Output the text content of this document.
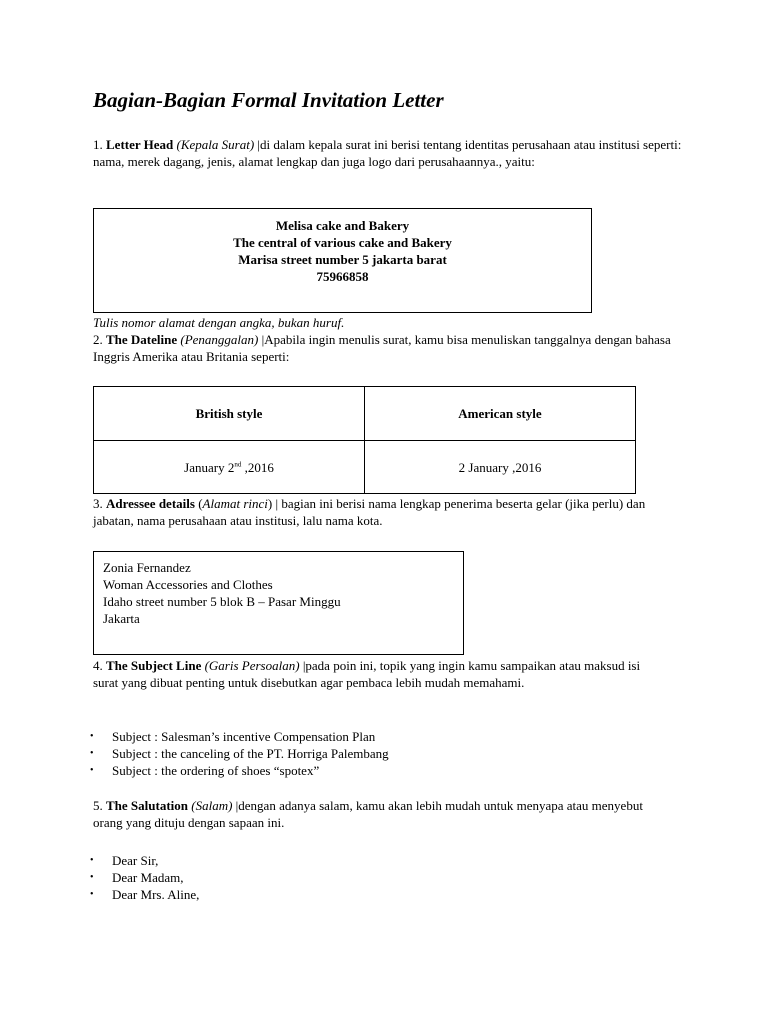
Bagian-Bagian Formal Invitation Letter

1. Letter Head (Kepala Surat) |di dalam kepala surat ini berisi tentang identitas perusahaan atau institusi seperti: nama, merek dagang, jenis, alamat lengkap dan juga logo dari perusahaannya., yaitu:

Melisa cake and Bakery
The central of various cake and Bakery
Marisa street number 5 jakarta barat
75966858

Tulis nomor alamat dengan angka, bukan huruf.

2. The Dateline (Penanggalan) |Apabila ingin menulis surat, kamu bisa menuliskan tanggalnya dengan bahasa Inggris Amerika atau Britania seperti:

British style	American style
January 2nd ,2016	2 January ,2016

3. Adressee details (Alamat rinci) | bagian ini berisi nama lengkap penerima beserta gelar (jika perlu) dan jabatan, nama perusahaan atau institusi, lalu nama kota.

Zonia Fernandez
Woman Accessories and Clothes
Idaho street number 5 blok B – Pasar Minggu
Jakarta

4. The Subject Line (Garis Persoalan) |pada poin ini, topik yang ingin kamu sampaikan atau maksud isi surat yang dibuat penting untuk disebutkan agar pembaca lebih mudah memahami.

•	Subject : Salesman’s incentive Compensation Plan
•	Subject : the canceling of the PT. Horriga Palembang
•	Subject : the ordering of shoes “spotex”

5. The Salutation (Salam) |dengan adanya salam, kamu akan lebih mudah untuk menyapa atau menyebut orang yang dituju dengan sapaan ini.

•	Dear Sir,
•	Dear Madam,
•	Dear Mrs. Aline,
